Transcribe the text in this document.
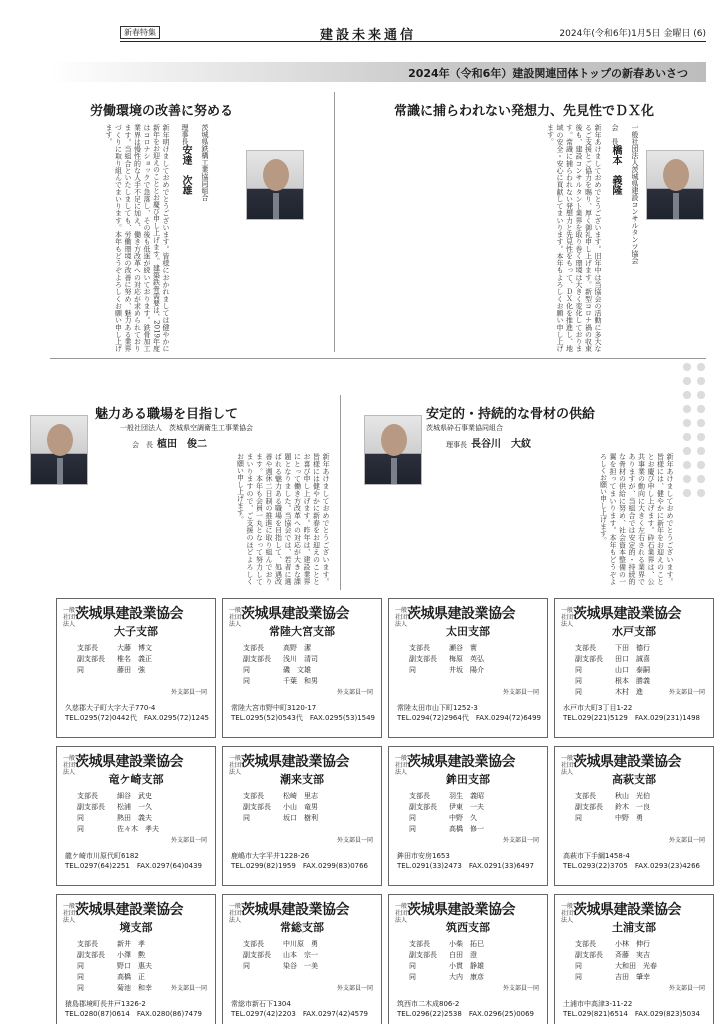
新春特集	建設未来通信	2024年(令和6年)1月5日 金曜日 (6)
2024年（令和6年）建設関連団体トップの新春あいさつ
労働環境の改善に努める
茨城県鉄構工業協同組合
理事長安達　次雄
新年明けましておめでとうございます。皆様におかれましては健やかに新年をお迎えのこととお慶び申し上げます。建築鉄骨需要は、2019年度はコロナショックで急落し、その後も低迷が続いております。鉄骨加工業界は慢性的な人手不足に加え、働き方改革への対応が求められております。当組合といたしましても、労働環境の改善に努め、魅力ある業界づくりに取り組んでまいります。本年もどうぞよろしくお願い申し上げます。
常識に捕らわれない発想力、先見性でＤＸ化
一般社団法人茨城県建設コンサルタンツ協会
会　長橋本　義隆
新年あけましておめでとうございます。旧年中は当協会の活動に多大なるご支援とご協力を賜り、厚く御礼申し上げます。新型コロナ禍の収束後も、建設コンサルタント業界を取り巻く環境は大きく変化しております。常識に捕らわれない発想力と先見性をもって、ＤＸ化を推進し、地域の安全・安心に貢献してまいります。本年もよろしくお願い申し上げます。
魅力ある職場を目指して
一般社団法人　茨城県空調衛生工事業協会
会　長 植田　俊二
新年あけましておめでとうございます。皆様には健やかに新春をお迎えのこととお喜び申し上げます。昨年は、建設業界にとって働き方改革への対応が大きな課題となりました。当協会では、若者に選ばれる魅力ある職場を目指して、処遇改善や週休二日制の推進に取り組んでおります。本年も会員一丸となって努力してまいりますので、ご支援のほどよろしくお願い申し上げます。
安定的・持続的な骨材の供給
茨城県砕石事業協同組合
理事長 長谷川　大紋
新年あけましておめでとうございます。皆様には、健やかに新年をお迎えのこととお慶び申し上げます。砕石業界は、公共事業の動向に大きく左右される業界でありますが、当組合では安定的・持続的な骨材の供給に努め、社会資本整備の一翼を担ってまいります。本年もどうぞよろしくお願い申し上げます。
一般社団法人
茨城県建設業協会
大子支部
支部長	大藤　博文
副支部長	椎名　義正
同	藤田　強
外支部員一同
久慈郡大子町大字大子770-4
TEL.0295(72)0442代　FAX.0295(72)1245
一般社団法人
茨城県建設業協会
常陸大宮支部
支部長	高野　潔
副支部長	浅川　清司
同	磯　文雄
同	千葉　和男
外支部員一同
常陸大宮市野中町3120-17
TEL.0295(52)0543代　FAX.0295(53)1549
一般社団法人
茨城県建設業協会
太田支部
支部長	瀬谷　實
副支部長	梅原　英弘
同	井坂　陽介
外支部員一同
常陸太田市山下町1252-3
TEL.0294(72)2964代　FAX.0294(72)6499
一般社団法人
茨城県建設業協会
水戸支部
支部長	下田　德行
副支部長	田口　誠喜
同	山口　泰嗣
同	根本　勝義
同	木村　進	外支部員一同
水戸市大町3丁目1-22
TEL.029(221)5129　FAX.029(231)1498
一般社団法人
茨城県建設業協会
竜ケ崎支部
支部長	細谷　武史
副支部長	松浦　一久
同	熱田　義夫
同	佐々木　孝夫
外支部員一同
龍ケ崎市川原代町6182
TEL.0297(64)2251　FAX.0297(64)0439
一般社団法人
茨城県建設業協会
潮来支部
支部長	松崎　里志
副支部長	小山　竜男
同	坂口　樹利
外支部員一同
鹿嶋市大字平井1228-26
TEL.0299(82)1959　FAX.0299(83)0766
一般社団法人
茨城県建設業協会
鉾田支部
支部長	羽生　義昭
副支部長	伊東　一夫
同	中野　久
同	高橋　修一
外支部員一同
鉾田市安房1653
TEL.0291(33)2473　FAX.0291(33)6497
一般社団法人
茨城県建設業協会
高萩支部
支部長	秋山　光伯
副支部長	鈴木　一良
同	中野　勇
外支部員一同
高萩市下手綱1458-4
TEL.0293(22)3705　FAX.0293(23)4266
一般社団法人
茨城県建設業協会
境支部
支部長	新井　孝
副支部長	小澤　勲
同	野口　惠夫
同	高橋　正
同	菊池　和幸	外支部員一同
猿島郡境町長井戸1326-2
TEL.0280(87)0614　FAX.0280(86)7479
一般社団法人
茨城県建設業協会
常総支部
支部長	中川原　勇
副支部長	山本　宗一
同	染谷　一美
外支部員一同
常総市新石下1304
TEL.0297(42)2203　FAX.0297(42)4579
一般社団法人
茨城県建設業協会
筑西支部
支部長	小柴　拓巳
副支部長	白田　澄
同	小貫　静雄
同	大内　康彦
外支部員一同
筑西市二木成806-2
TEL.0296(22)2538　FAX.0296(25)0069
一般社団法人
茨城県建設業協会
土浦支部
支部長	小林　伸行
副支部長	斉藤　実吉
同	大和田　光春
同	吉田　肇幸
外支部員一同
土浦市中高津3-11-22
TEL.029(821)6514　FAX.029(823)5034
